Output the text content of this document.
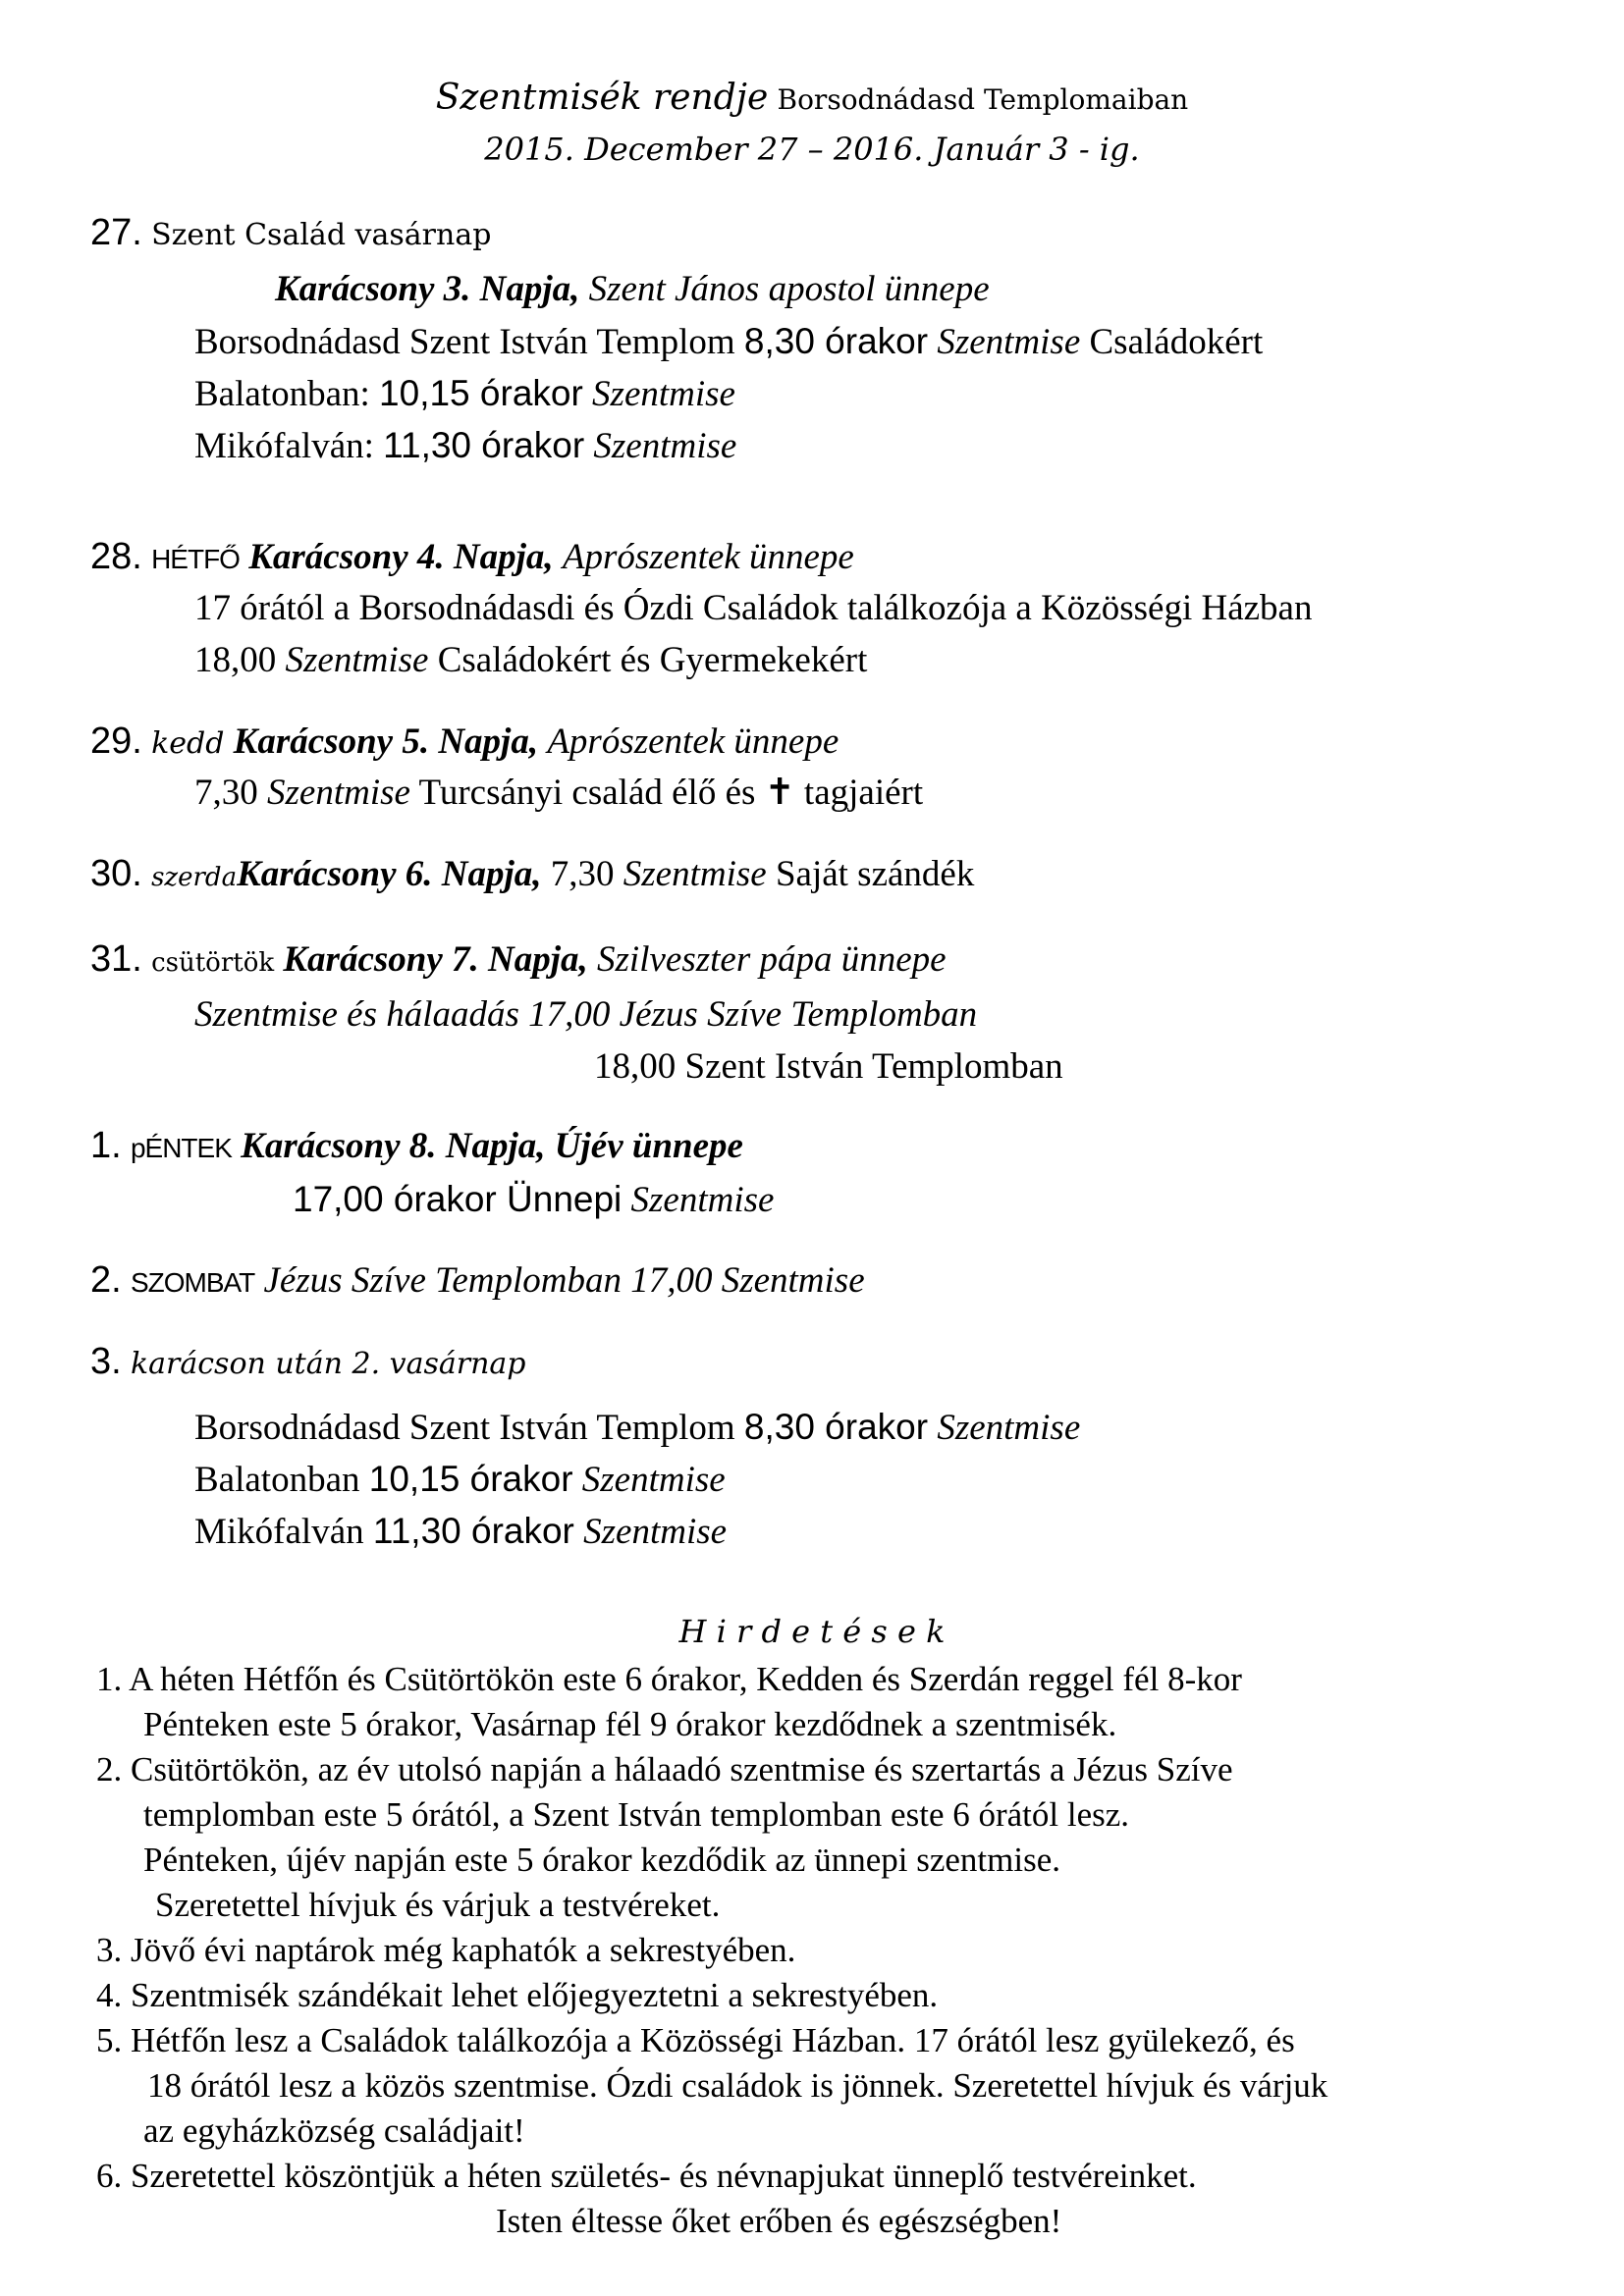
Szentmisék rendje Borsodnádasd Templomaiban
2015. December 27 – 2016. Január 3 - ig.
27. Szent Család vasárnap
Karácsony 3. Napja, Szent János apostol ünnepe
Borsodnádasd Szent István Templom 8,30 órakor Szentmise Családokért
Balatonban: 10,15 órakor Szentmise
Mikófalván: 11,30 órakor Szentmise
28. HÉTFŐ Karácsony 4. Napja, Aprószentek ünnepe
17 órától a Borsodnádasdi és Ózdi Családok találkozója a Közösségi Házban
18,00 Szentmise Családokért és Gyermekekért
29. kedd Karácsony 5. Napja, Aprószentek ünnepe
7,30 Szentmise Turcsányi család élő és ✝ tagjaiért
30. szerdaKarácsony 6. Napja, 7,30 Szentmise Saját szándék
31. csütörtök Karácsony 7. Napja, Szilveszter pápa ünnepe
Szentmise és hálaadás 17,00 Jézus Szíve Templomban
18,00 Szent István Templomban
1. pÉNTEK Karácsony 8. Napja, Újév ünnepe
17,00 órakor Ünnepi Szentmise
2. SZOMBAT Jézus Szíve Templomban 17,00 Szentmise
3. karácson után 2. vasárnap
Borsodnádasd Szent István Templom 8,30 órakor Szentmise
Balatonban 10,15 órakor Szentmise
Mikófalván 11,30 órakor Szentmise
H i r d e t é s e k
1. A héten Hétfőn és Csütörtökön este 6 órakor, Kedden és Szerdán reggel fél 8-kor
Pénteken este 5 órakor, Vasárnap fél 9 órakor kezdődnek a szentmisék.
2. Csütörtökön, az év utolsó napján a hálaadó szentmise és szertartás a Jézus Szíve
templomban este 5 órától, a Szent István templomban este 6 órától lesz.
Pénteken, újév napján este 5 órakor kezdődik az ünnepi szentmise.
Szeretettel hívjuk és várjuk a testvéreket.
3. Jövő évi naptárok még kaphatók a sekrestyében.
4. Szentmisék szándékait lehet előjegyeztetni a sekrestyében.
5. Hétfőn lesz a Családok találkozója a Közösségi Házban. 17 órától lesz gyülekező, és
18 órától lesz a közös szentmise. Ózdi családok is jönnek. Szeretettel hívjuk és várjuk
az egyházközség családjait!
6. Szeretettel köszöntjük a héten születés- és névnapjukat ünneplő testvéreinket.
Isten éltesse őket erőben és egészségben!
